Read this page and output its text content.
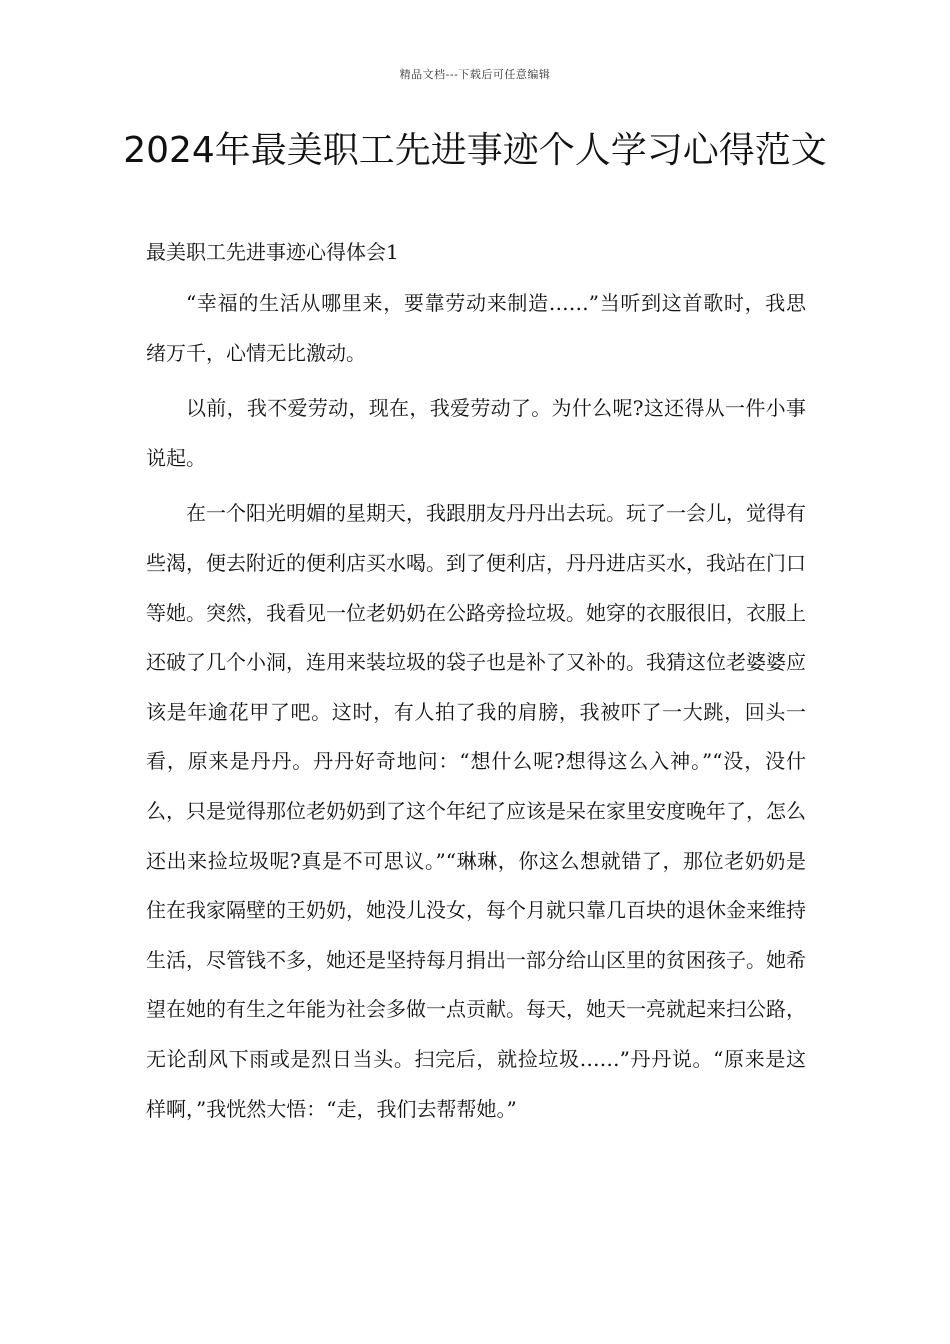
精品文档---下载后可任意编辑
2024年最美职工先进事迹个人学习心得范文
最美职工先进事迹心得体会1

“幸福的生活从哪里来，要靠劳动来制造……”当听到这首歌时，我思绪万千，心情无比激动。

以前，我不爱劳动，现在，我爱劳动了。为什么呢?这还得从一件小事说起。

在一个阳光明媚的星期天，我跟朋友丹丹出去玩。玩了一会儿，觉得有些渴，便去附近的便利店买水喝。到了便利店，丹丹进店买水，我站在门口等她。突然，我看见一位老奶奶在公路旁捡垃圾。她穿的衣服很旧，衣服上还破了几个小洞，连用来装垃圾的袋子也是补了又补的。我猜这位老婆婆应该是年逾花甲了吧。这时，有人拍了我的肩膀，我被吓了一大跳，回头一看，原来是丹丹。丹丹好奇地问：“想什么呢?想得这么入神。”“没，没什么，只是觉得那位老奶奶到了这个年纪了应该是呆在家里安度晚年了，怎么还出来捡垃圾呢?真是不可思议。”“琳琳，你这么想就错了，那位老奶奶是住在我家隔壁的王奶奶，她没儿没女，每个月就只靠几百块的退休金来维持生活，尽管钱不多，她还是坚持每月捐出一部分给山区里的贫困孩子。她希望在她的有生之年能为社会多做一点贡献。每天，她天一亮就起来扫公路，无论刮风下雨或是烈日当头。扫完后，就捡垃圾……”丹丹说。“原来是这样啊，”我恍然大悟：“走，我们去帮帮她。”
